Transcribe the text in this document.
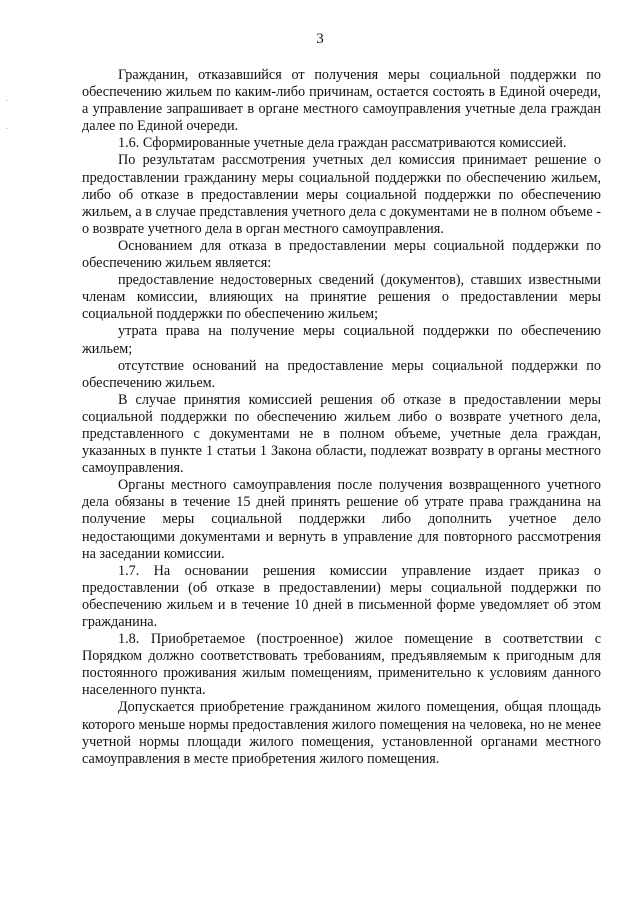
3

Гражданин, отказавшийся от получения меры социальной поддержки по обеспечению жильем по каким-либо причинам, остается состоять в Единой очереди, а управление запрашивает в органе местного самоуправления учетные дела граждан далее по Единой очереди.

1.6. Сформированные учетные дела граждан рассматриваются комиссией.

По результатам рассмотрения учетных дел комиссия принимает решение о предоставлении гражданину меры социальной поддержки по обеспечению жильем, либо об отказе в предоставлении меры социальной поддержки по обеспечению жильем, а в случае представления учетного дела с документами не в полном объеме - о возврате учетного дела в орган местного самоуправления.

Основанием для отказа в предоставлении меры социальной поддержки по обеспечению жильем является:

предоставление недостоверных сведений (документов), ставших известными членам комиссии, влияющих на принятие решения о предоставлении меры социальной поддержки по обеспечению жильем;

утрата права на получение меры социальной поддержки по обеспечению жильем;

отсутствие оснований на предоставление меры социальной поддержки по обеспечению жильем.

В случае принятия комиссией решения об отказе в предоставлении меры социальной поддержки по обеспечению жильем либо о возврате учетного дела, представленного с документами не в полном объеме, учетные дела граждан, указанных в пункте 1 статьи 1 Закона области, подлежат возврату в органы местного самоуправления.

Органы местного самоуправления после получения возвращенного учетного дела обязаны в течение 15 дней принять решение об утрате права гражданина на получение меры социальной поддержки либо дополнить учетное дело недостающими документами и вернуть в управление для повторного рассмотрения на заседании комиссии.

1.7. На основании решения комиссии управление издает приказ о предоставлении (об отказе в предоставлении) меры социальной поддержки по обеспечению жильем и в течение 10 дней в письменной форме уведомляет об этом гражданина.

1.8. Приобретаемое (построенное) жилое помещение в соответствии с Порядком должно соответствовать требованиям, предъявляемым к пригодным для постоянного проживания жилым помещениям, применительно к условиям данного населенного пункта.

Допускается приобретение гражданином жилого помещения, общая площадь которого меньше нормы предоставления жилого помещения на человека, но не менее учетной нормы площади жилого помещения, установленной органами местного самоуправления в месте приобретения жилого помещения.
